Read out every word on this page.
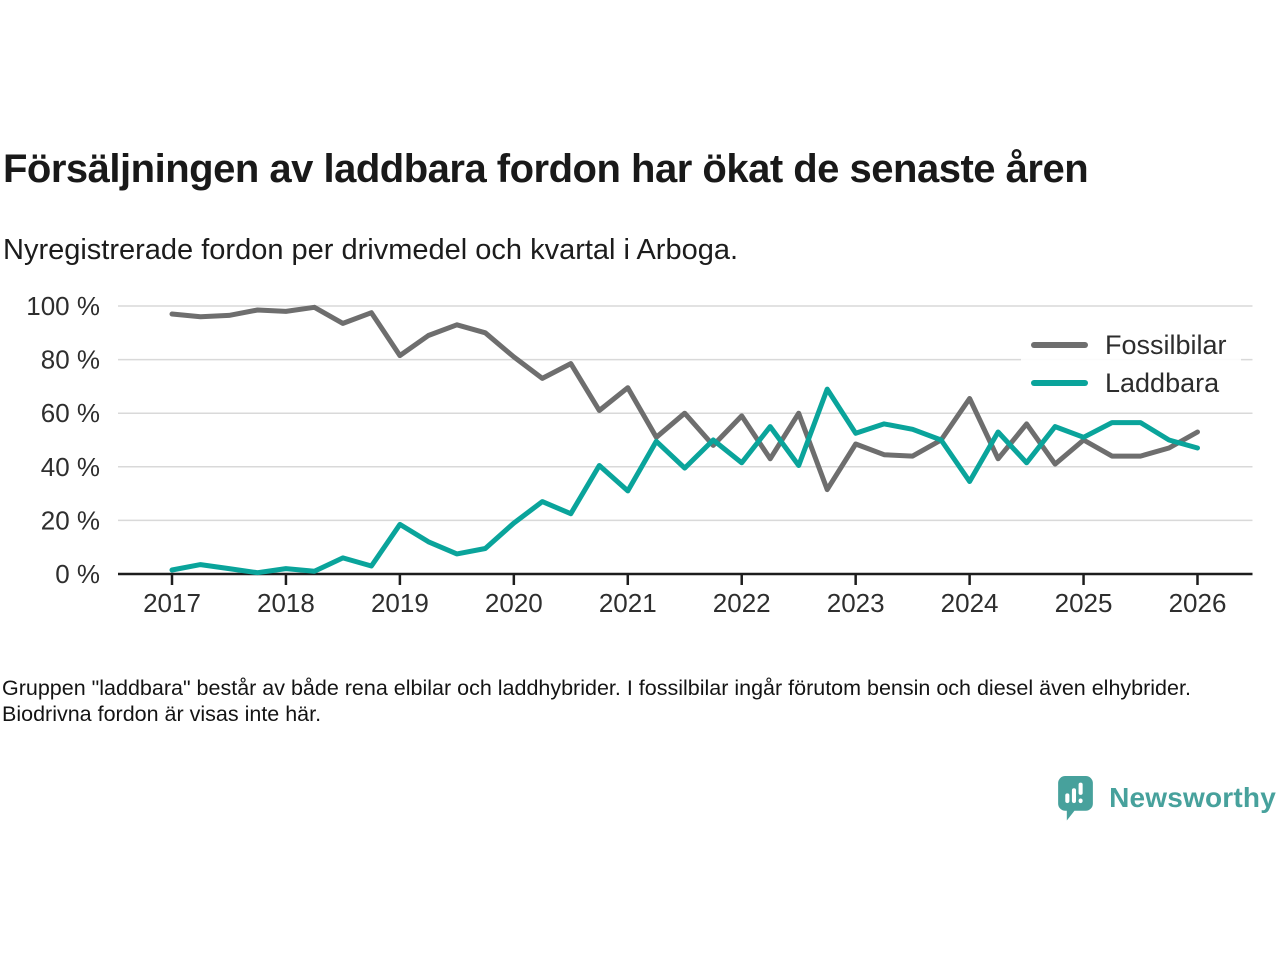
Försäljningen av laddbara fordon har ökat de senaste åren

Nyregistrerade fordon per drivmedel och kvartal i Arboga.

0 %
20 %
40 %
60 %
80 %
100 %
2017 2018 2019 2020 2021 2022 2023 2024 2025 2026
Fossilbilar
Laddbara

Gruppen "laddbara" består av både rena elbilar och laddhybrider. I fossilbilar ingår förutom bensin och diesel även elhybrider. Biodrivna fordon är visas inte här.

Newsworthy
